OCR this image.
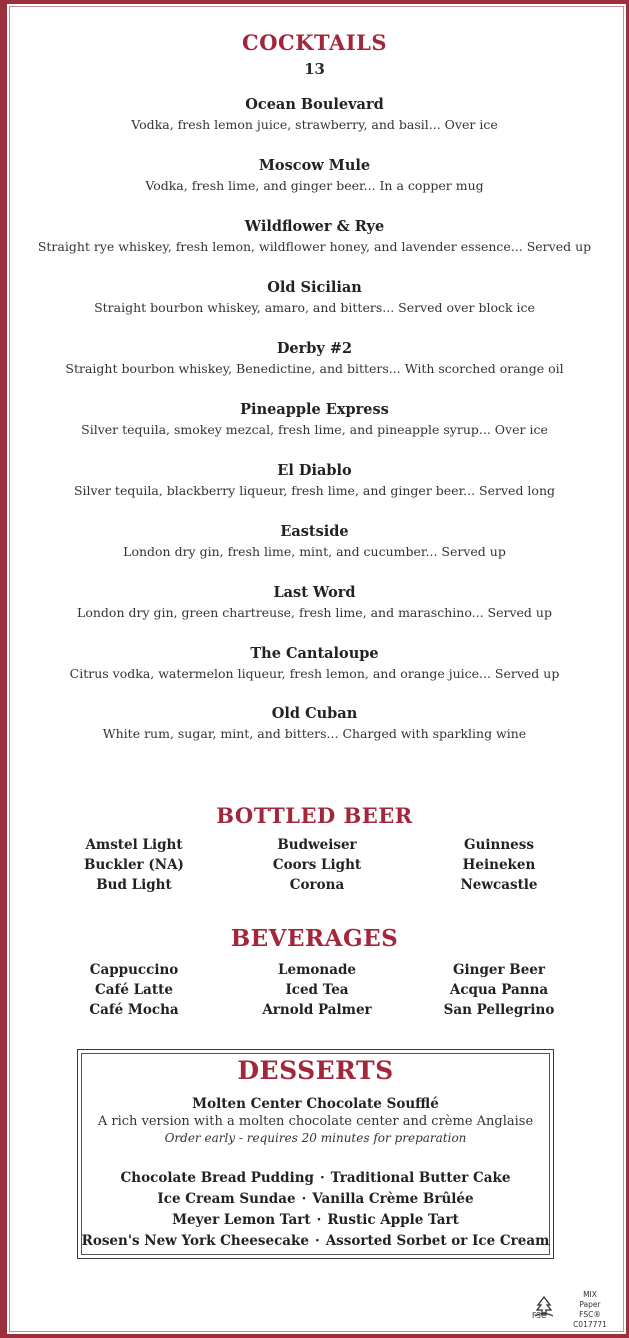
COCKTAILS
13
Ocean Boulevard
Vodka, fresh lemon juice, strawberry, and basil... Over ice
Moscow Mule
Vodka, fresh lime, and ginger beer... In a copper mug
Wildflower & Rye
Straight rye whiskey, fresh lemon, wildflower honey, and lavender essence... Served up
Old Sicilian
Straight bourbon whiskey, amaro, and bitters... Served over block ice
Derby #2
Straight bourbon whiskey, Benedictine, and bitters... With scorched orange oil
Pineapple Express
Silver tequila, smokey mezcal, fresh lime, and pineapple syrup... Over ice
El Diablo
Silver tequila, blackberry liqueur, fresh lime, and ginger beer... Served long
Eastside
London dry gin, fresh lime, mint, and cucumber... Served up
Last Word
London dry gin, green chartreuse, fresh lime, and maraschino... Served up
The Cantaloupe
Citrus vodka, watermelon liqueur, fresh lemon, and orange juice... Served up
Old Cuban
White rum, sugar, mint, and bitters... Charged with sparkling wine
BOTTLED BEER
Amstel Light
Buckler (NA)
Bud Light
Budweiser
Coors Light
Corona
Guinness
Heineken
Newcastle
BEVERAGES
Cappuccino
Café Latte
Café Mocha
Lemonade
Iced Tea
Arnold Palmer
Ginger Beer
Acqua Panna
San Pellegrino
DESSERTS
Molten Center Chocolate Soufflé
A rich version with a molten chocolate center and crème Anglaise
Order early - requires 20 minutes for preparation
Chocolate Bread Pudding · Traditional Butter Cake
Ice Cream Sundae · Vanilla Crème Brûlée
Meyer Lemon Tart · Rustic Apple Tart
Rosen's New York Cheesecake · Assorted Sorbet or Ice Cream
FSC
MIX
Paper
FSC® C017771
